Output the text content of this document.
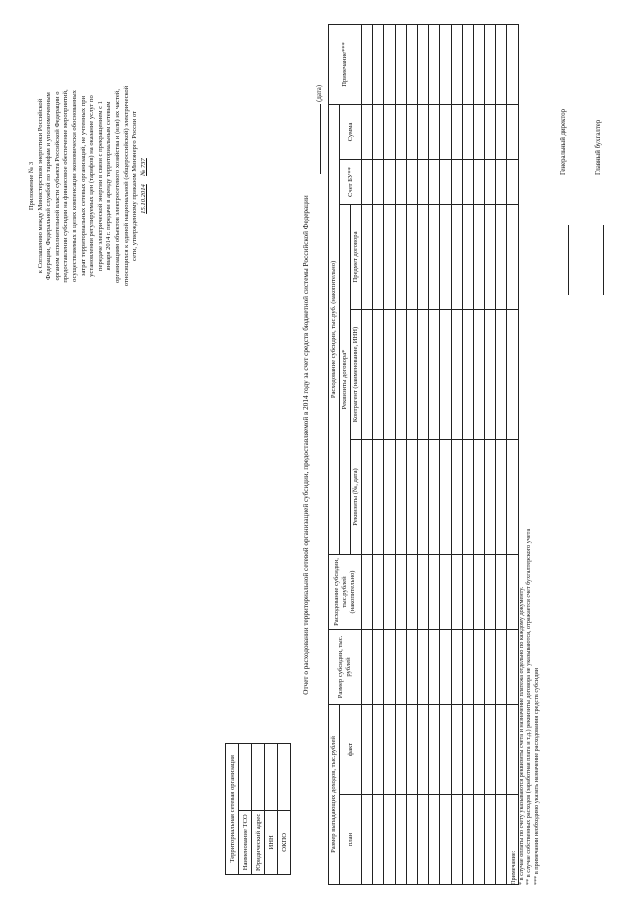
Приложение № 3 к Соглашению между Министерством энергетики Российской Федерации, Федеральной службой по тарифам и уполномоченным органом исполнительной власти субъекта Российской Федерации о предоставлении субсидии на финансовое обеспечение мероприятий, осуществляемых в целях компенсации экономически обоснованных затрат территориальных сетевых организаций, не учтенных при установлении регулируемых цен (тарифов) на оказание услуг по передаче электрической энергии в связи с прекращением с 1 января 2014 г. передачи в аренду территориальным сетевым организациям объектов электросетевого хозяйства и (или) их частей, относящихся к единой национальной (общероссийской) электрической сети, утвержденному приказом Минэнерго России от 15.10.2014     № 737
Территориальная сетевая организация	
Наименование ТСО	
Юридический адрес	
ИНН	
ОКПО	
Отчет о расходовании территориальной сетевой организацией субсидии, предоставляемой в 2014 году за счет средств бюджетной системы Российской Федерации
(дата)
Размер выпадающих доходов, тыс.рублей		Размер субсидии, тыс. рублей	Расходование субсидии, тыс.рублей (накопительно)	Расходование субсидии, тыс.руб. (накопительно)					Примечание***
план	факт			Реквизиты договора*			Счет БУ**	Сумма	
				Реквизиты (№, дата)	Контрагент (наименование, ИНН)	Предмет договора			

Примечание: * в случае оплаты по счету указываются реквизиты счета и назначение платежа отдельно по каждому документу. ** в случае собственных расходов (заработная плата и т.д.) реквизиты договора не указываются, отражается счет бухгалтерского учета *** в примечании необходимо указать назначение расходования средств субсидии
Генеральный директор	Главный бухгалтер
